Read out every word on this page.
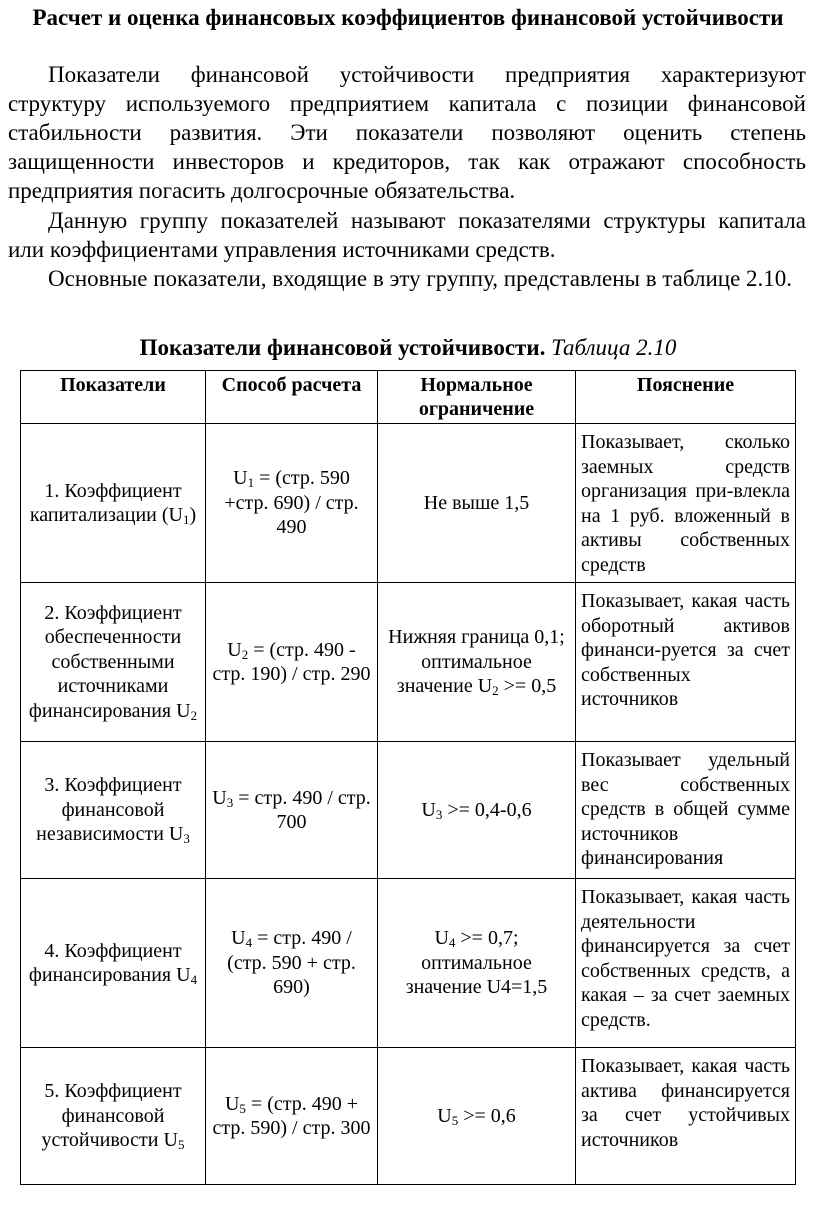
Расчет и оценка финансовых коэффициентов финансовой устойчивости

Показатели финансовой устойчивости предприятия характеризуют структуру используемого предприятием капитала с позиции финансовой стабильности развития. Эти показатели позволяют оценить степень защищенности инвесторов и кредиторов, так как отражают способность предприятия погасить долгосрочные обязательства.

Данную группу показателей называют показателями структуры капитала или коэффициентами управления источниками средств.

Основные показатели, входящие в эту группу, представлены в таблице 2.10.

Показатели финансовой устойчивости. Таблица 2.10
Показатели	Способ расчета	Нормальное ограничение	Пояснение
1. Коэффициент капитализации $(U_1)$	$U_1 = (стр$. 590 +стр. 690) / стр. 490	Не выше 1,5	Показывает, сколько заемных средств организация при-влекла на 1 руб. вложенный в активы собственных средств
2. Коэффициент обеспеченности собственными источниками финансирования $U_2$	$U_2 = (стр$. 490 - стр. 190) / стр. 290	Нижняя граница 0,1; оптимальное значение $U_2 >= 0,5$	Показывает, какая часть оборотный активов финанси-руется за счет собственных источников
3. Коэффициент финансовой независимости $U_3$	$U_3$ = стр. 490 / стр. 700	$U_3 >= 0,4-0,6$	Показывает удельный вес собственных средств в общей сумме источников финансирования
4. Коэффициент финансирования $U_4$	$U_4$ = стр. 490 / (стр. 590 + стр. 690)	$U_4 >= 0,7$; оптимальное значение U4=1,5	Показывает, какая часть деятельности финансируется за счет собственных средств, а какая – за счет заемных средств.
5. Коэффициент финансовой устойчивости $U_5$	$U_5 = (стр$. 490 + стр. 590) / стр. 300	$U_5 >= 0,6$	Показывает, какая часть актива финансируется за счет устойчивых источников
